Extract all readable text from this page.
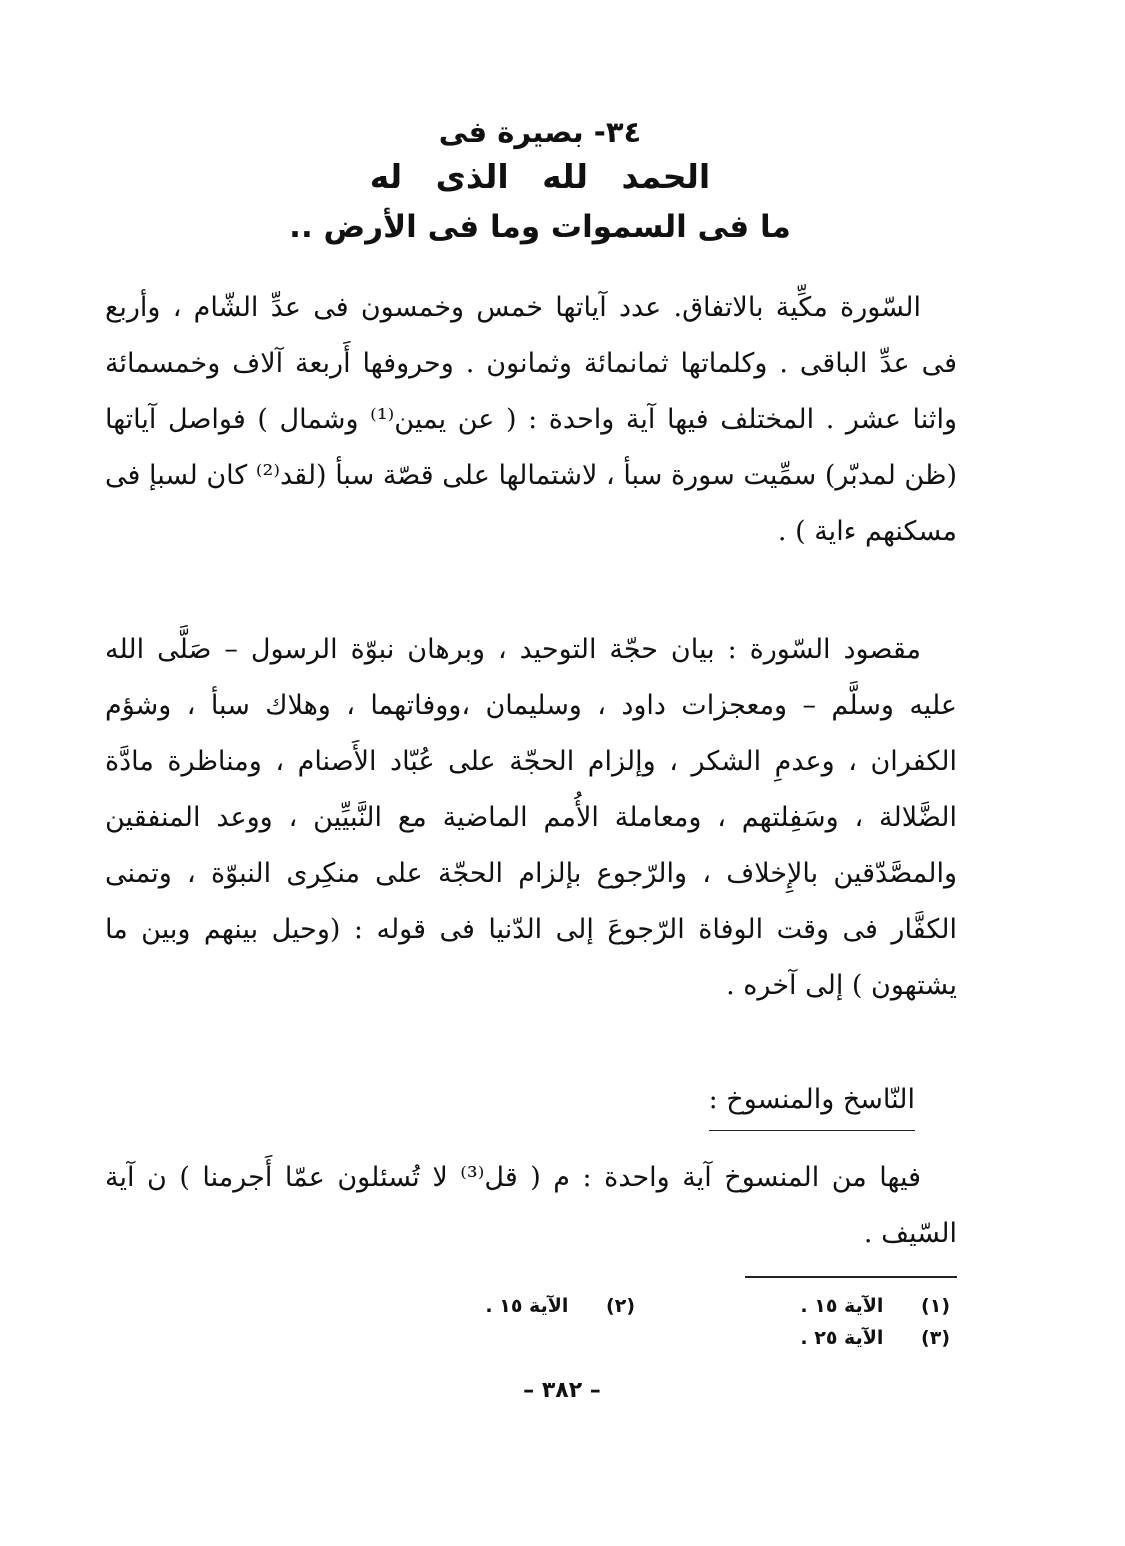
٣٤- بصيرة فى
الحمد لله الذى له
ما فى السموات وما فى الأرض ..

السّورة مكِّية بالاتفاق. عدد آياتها خمس وخمسون فى عدِّ الشّام ، وأربع فى عدِّ الباقى . وكلماتها ثمانمائة وثمانون . وحروفها أَربعة آلاف وخمسمائة واثنا عشر . المختلف فيها آية واحدة : ( عن يمين⁽¹⁾ وشمال ) فواصل آياتها (ظن لمدبّر) سمِّيت سورة سبأ ، لاشتمالها على قصّة سبأ (لقد⁽²⁾ كان لسبإ فى مسكنهم ءاية ) .

مقصود السّورة : بيان حجّة التوحيد ، وبرهان نبوّة الرسول – صَلَّى الله عليه وسلَّم – ومعجزات داود ، وسليمان ،ووفاتهما ، وهلاك سبأ ، وشؤم الكفران ، وعدمِ الشكر ، وإلزام الحجّة على عُبّاد الأَصنام ، ومناظرة مادَّة الضَّلالة ، وسَفِلتهم ، ومعاملة الأُمم الماضية مع النَّبيِّين ، ووعد المنفقين والمصَّدّقين بالإِخلاف ، والرّجوع بإلزام الحجّة على منكِرى النبوّة ، وتمنى الكفَّار فى وقت الوفاة الرّجوعَ إلى الدّنيا فى قوله : (وحيل بينهم وبين ما يشتهون ) إلى آخره .

النّاسخ والمنسوخ :

فيها من المنسوخ آية واحدة : م ( قل⁽³⁾ لا تُسئلون عمّا أَجرمنا ) ن آية السّيف .

(١) الآية ١٥ .
(٢) الآية ١٥ .
(٣) الآية ٢٥ .
– ٣٨٢ –
